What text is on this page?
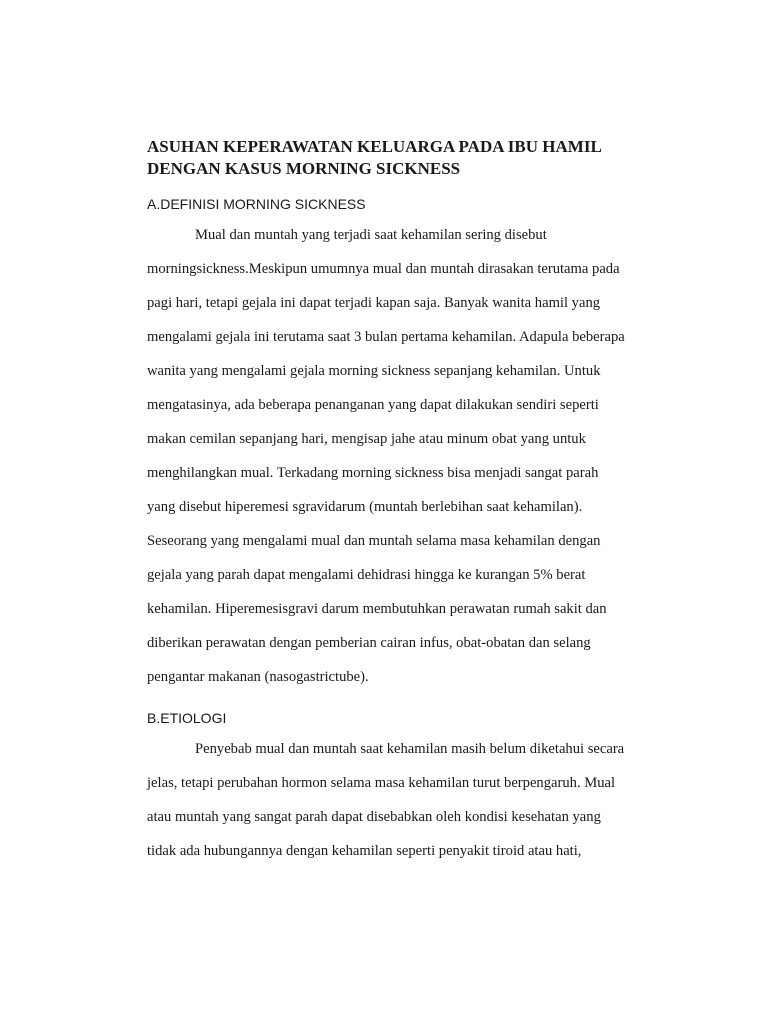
ASUHAN KEPERAWATAN KELUARGA PADA IBU HAMIL
DENGAN KASUS MORNING SICKNESS
A.DEFINISI MORNING SICKNESS
Mual dan muntah yang terjadi saat kehamilan sering disebut
morningsickness.Meskipun umumnya mual dan muntah dirasakan terutama pada
pagi hari, tetapi gejala ini dapat terjadi kapan saja. Banyak wanita hamil yang
mengalami gejala ini terutama saat 3 bulan pertama kehamilan. Adapula beberapa
wanita yang mengalami gejala morning sickness sepanjang kehamilan. Untuk
mengatasinya, ada beberapa penanganan yang dapat dilakukan sendiri seperti
makan cemilan sepanjang hari, mengisap jahe atau minum obat yang untuk
menghilangkan mual. Terkadang morning sickness bisa menjadi sangat parah
yang disebut hiperemesi sgravidarum (muntah berlebihan saat kehamilan).
Seseorang yang mengalami mual dan muntah selama masa kehamilan dengan
gejala yang parah dapat mengalami dehidrasi hingga ke kurangan 5% berat
kehamilan. Hiperemesisgravi darum membutuhkan perawatan rumah sakit dan
diberikan perawatan dengan pemberian cairan infus, obat-obatan dan selang
pengantar makanan (nasogastrictube).
B.ETIOLOGI
Penyebab mual dan muntah saat kehamilan masih belum diketahui secara
jelas, tetapi perubahan hormon selama masa kehamilan turut berpengaruh. Mual
atau muntah yang sangat parah dapat disebabkan oleh kondisi kesehatan yang
tidak ada hubungannya dengan kehamilan seperti penyakit tiroid atau hati,
